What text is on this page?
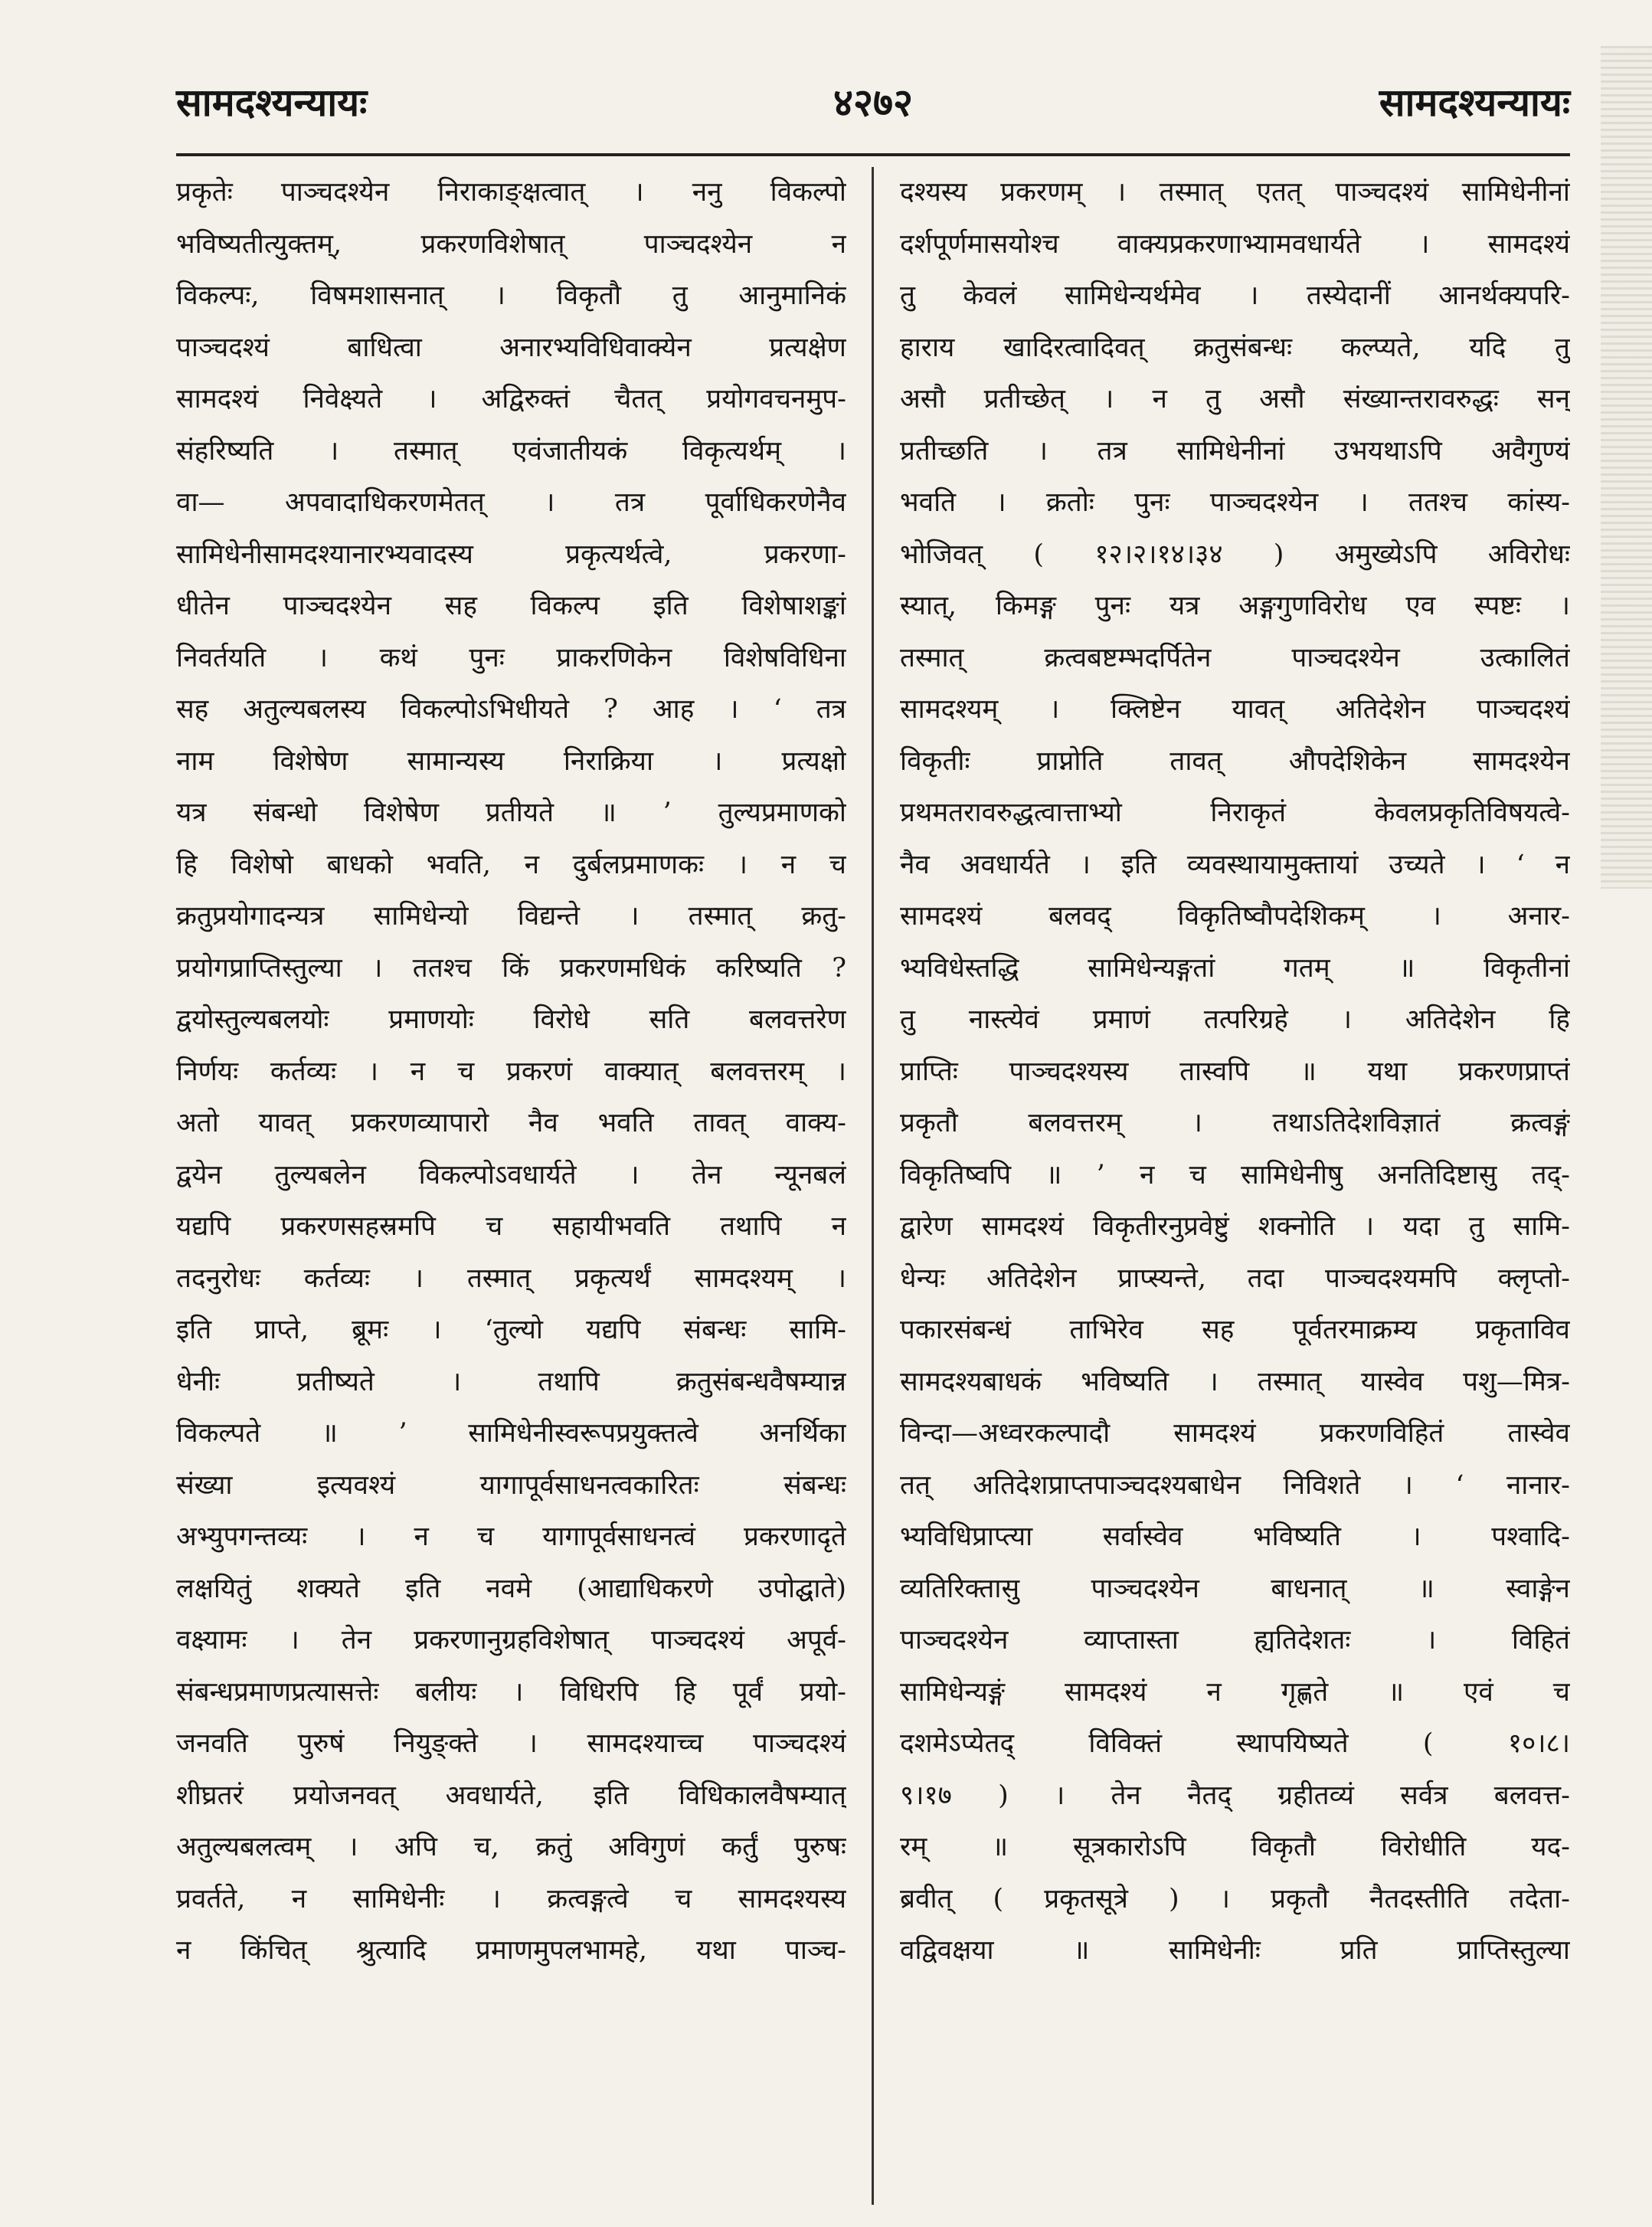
सामदश्यन्यायः	४२७२	सामदश्यन्यायः
प्रकृतेः पाञ्चदश्येन निराकाङ्क्षत्वात् । ननु विकल्पो
भविष्यतीत्युक्तम्, प्रकरणविशेषात् पाञ्चदश्येन न
विकल्पः, विषमशासनात् । विकृतौ तु आनुमानिकं
पाञ्चदश्यं बाधित्वा अनारभ्यविधिवाक्येन प्रत्यक्षेण
सामदश्यं निवेक्ष्यते । अद्विरुक्तं चैतत् प्रयोगवचनमुप-
संहरिष्यति । तस्मात् एवंजातीयकं विकृत्यर्थम् ।
वा— अपवादाधिकरणमेतत् । तत्र पूर्वाधिकरणेनैव
सामिधेनीसामदश्यानारभ्यवादस्य प्रकृत्यर्थत्वे, प्रकरणा-
धीतेन पाञ्चदश्येन सह विकल्प इति विशेषाशङ्कां
निवर्तयति । कथं पुनः प्राकरणिकेन विशेषविधिना
सह अतुल्यबलस्य विकल्पोऽभिधीयते ? आह । ‘ तत्र
नाम विशेषेण सामान्यस्य निराक्रिया । प्रत्यक्षो
यत्र संबन्धो विशेषेण प्रतीयते ॥ ’ तुल्यप्रमाणको
हि विशेषो बाधको भवति, न दुर्बलप्रमाणकः । न च
क्रतुप्रयोगादन्यत्र सामिधेन्यो विद्यन्ते । तस्मात् क्रतु-
प्रयोगप्राप्तिस्तुल्या । ततश्च किं प्रकरणमधिकं करिष्यति ?
द्वयोस्तुल्यबलयोः प्रमाणयोः विरोधे सति बलवत्तरेण
निर्णयः कर्तव्यः । न च प्रकरणं वाक्यात् बलवत्तरम् ।
अतो यावत् प्रकरणव्यापारो नैव भवति तावत् वाक्य-
द्वयेन तुल्यबलेन विकल्पोऽवधार्यते । तेन न्यूनबलं
यद्यपि प्रकरणसहस्रमपि च सहायीभवति तथापि न
तदनुरोधः कर्तव्यः । तस्मात् प्रकृत्यर्थं सामदश्यम् ।
इति प्राप्ते, ब्रूमः । ‘तुल्यो यद्यपि संबन्धः सामि-
धेनीः प्रतीष्यते । तथापि क्रतुसंबन्धवैषम्यान्न
विकल्पते ॥ ’ सामिधेनीस्वरूपप्रयुक्तत्वे अनर्थिका
संख्या इत्यवश्यं यागापूर्वसाधनत्वकारितः संबन्धः
अभ्युपगन्तव्यः । न च यागापूर्वसाधनत्वं प्रकरणादृते
लक्षयितुं शक्यते इति नवमे (आद्याधिकरणे उपोद्घाते)
वक्ष्यामः । तेन प्रकरणानुग्रहविशेषात् पाञ्चदश्यं अपूर्व-
संबन्धप्रमाणप्रत्यासत्तेः बलीयः । विधिरपि हि पूर्वं प्रयो-
जनवति पुरुषं नियुङ्क्ते । सामदश्याच्च पाञ्चदश्यं
शीघ्रतरं प्रयोजनवत् अवधार्यते, इति विधिकालवैषम्यात्
अतुल्यबलत्वम् । अपि च, क्रतुं अविगुणं कर्तुं पुरुषः
प्रवर्तते, न सामिधेनीः । क्रत्वङ्गत्वे च सामदश्यस्य
न किंचित् श्रुत्यादि प्रमाणमुपलभामहे, यथा पाञ्च-
दश्यस्य प्रकरणम् । तस्मात् एतत् पाञ्चदश्यं सामिधेनीनां
दर्शपूर्णमासयोश्च वाक्यप्रकरणाभ्यामवधार्यते । सामदश्यं
तु केवलं सामिधेन्यर्थमेव । तस्येदानीं आनर्थक्यपरि-
हाराय खादिरत्वादिवत् क्रतुसंबन्धः कल्प्यते, यदि तु
असौ प्रतीच्छेत् । न तु असौ संख्यान्तरावरुद्धः सन्
प्रतीच्छति । तत्र सामिधेनीनां उभयथाऽपि अवैगुण्यं
भवति । क्रतोः पुनः पाञ्चदश्येन । ततश्च कांस्य-
भोजिवत् ( १२।२।१४।३४ ) अमुख्येऽपि अविरोधः
स्यात्, किमङ्ग पुनः यत्र अङ्गगुणविरोध एव स्पष्टः ।
तस्मात् क्रत्वबष्टम्भदर्पितेन पाञ्चदश्येन उत्कालितं
सामदश्यम् । क्लिष्टेन यावत् अतिदेशेन पाञ्चदश्यं
विकृतीः प्राप्नोति तावत् औपदेशिकेन सामदश्येन
प्रथमतरावरुद्धत्वात्ताभ्यो निराकृतं केवलप्रकृतिविषयत्वे-
नैव अवधार्यते । इति व्यवस्थायामुक्तायां उच्यते । ‘ न
सामदश्यं बलवद् विकृतिष्वौपदेशिकम् । अनार-
भ्यविधेस्तद्धि सामिधेन्यङ्गतां गतम् ॥ विकृतीनां
तु नास्त्येवं प्रमाणं तत्परिग्रहे । अतिदेशेन हि
प्राप्तिः पाञ्चदश्यस्य तास्वपि ॥ यथा प्रकरणप्राप्तं
प्रकृतौ बलवत्तरम् । तथाऽतिदेशविज्ञातं क्रत्वङ्गं
विकृतिष्वपि ॥ ’ न च सामिधेनीषु अनतिदिष्टासु तद्-
द्वारेण सामदश्यं विकृतीरनुप्रवेष्टुं शक्नोति । यदा तु सामि-
धेन्यः अतिदेशेन प्राप्स्यन्ते, तदा पाञ्चदश्यमपि क्लृप्तो-
पकारसंबन्धं ताभिरेव सह पूर्वतरमाक्रम्य प्रकृताविव
सामदश्यबाधकं भविष्यति । तस्मात् यास्वेव पशु—मित्र-
विन्दा—अध्वरकल्पादौ सामदश्यं प्रकरणविहितं तास्वेव
तत् अतिदेशप्राप्तपाञ्चदश्यबाधेन निविशते । ‘ नानार-
भ्यविधिप्राप्त्या सर्वास्वेव भविष्यति । पश्वादि-
व्यतिरिक्तासु पाञ्चदश्येन बाधनात् ॥ स्वाङ्गेन
पाञ्चदश्येन व्याप्तास्ता ह्यतिदेशतः । विहितं
सामिधेन्यङ्गं सामदश्यं न गृह्णते ॥ एवं च
दशमेऽप्येतद् विविक्तं स्थापयिष्यते ( १०।८।
९।१७ ) । तेन नैतद् ग्रहीतव्यं सर्वत्र बलवत्त-
रम् ॥ सूत्रकारोऽपि विकृतौ विरोधीति यद-
ब्रवीत् ( प्रकृतसूत्रे ) । प्रकृतौ नैतदस्तीति तदेता-
वद्विवक्षया ॥ सामिधेनीः प्रति प्राप्तिस्तुल्या
